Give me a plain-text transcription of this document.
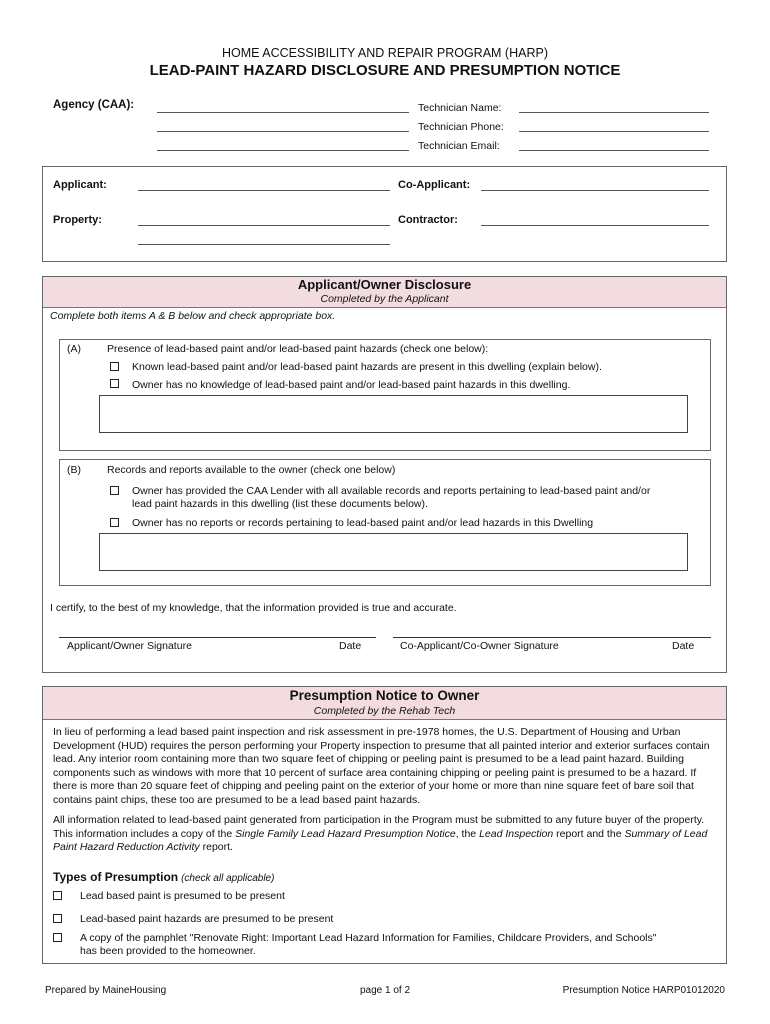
HOME ACCESSIBILITY AND REPAIR PROGRAM (HARP)
LEAD-PAINT HAZARD DISCLOSURE AND PRESUMPTION NOTICE
Agency (CAA):	Technician Name:
Technician Phone:
Technician Email:
Applicant:	Co-Applicant:
Property:	Contractor:
Applicant/Owner Disclosure
Completed by the Applicant
Complete both items A & B below and check appropriate box.
(A) Presence of lead-based paint and/or lead-based paint hazards (check one below):
Known lead-based paint and/or lead-based paint hazards are present in this dwelling (explain below).
Owner has no knowledge of lead-based paint and/or lead-based paint hazards in this dwelling.
(B) Records and reports available to the owner (check one below)
Owner has provided the CAA Lender with all available records and reports pertaining to lead-based paint and/or
lead paint hazards in this dwelling (list these documents below).
Owner has no reports or records pertaining to lead-based paint and/or lead hazards in this Dwelling
I certify, to the best of my knowledge, that the information provided is true and accurate.
Applicant/Owner Signature	Date	Co-Applicant/Co-Owner Signature	Date
Presumption Notice to Owner
Completed by the Rehab Tech

In lieu of performing a lead based paint inspection and risk assessment in pre-1978 homes, the U.S. Department of Housing and Urban Development (HUD) requires the person performing your Property inspection to presume that all painted interior and exterior surfaces contain lead. Any interior room containing more than two square feet of chipping or peeling paint is presumed to be a lead paint hazard. Building components such as windows with more that 10 percent of surface area containing chipping or peeling paint is presumed to be a hazard. If there is more than 20 square feet of chipping and peeling paint on the exterior of your home or more than nine square feet of bare soil that contains paint chips, these too are presumed to be a lead based paint hazards.

All information related to lead-based paint generated from participation in the Program must be submitted to any future buyer of the property. This information includes a copy of the Single Family Lead Hazard Presumption Notice, the Lead Inspection report and the Summary of Lead Paint Hazard Reduction Activity report.

Types of Presumption (check all applicable)
Lead based paint is presumed to be present
Lead-based paint hazards are presumed to be present
A copy of the pamphlet "Renovate Right: Important Lead Hazard Information for Families, Childcare Providers, and Schools"
has been provided to the homeowner.
Prepared by MaineHousing	page 1 of 2	Presumption Notice HARP01012020
